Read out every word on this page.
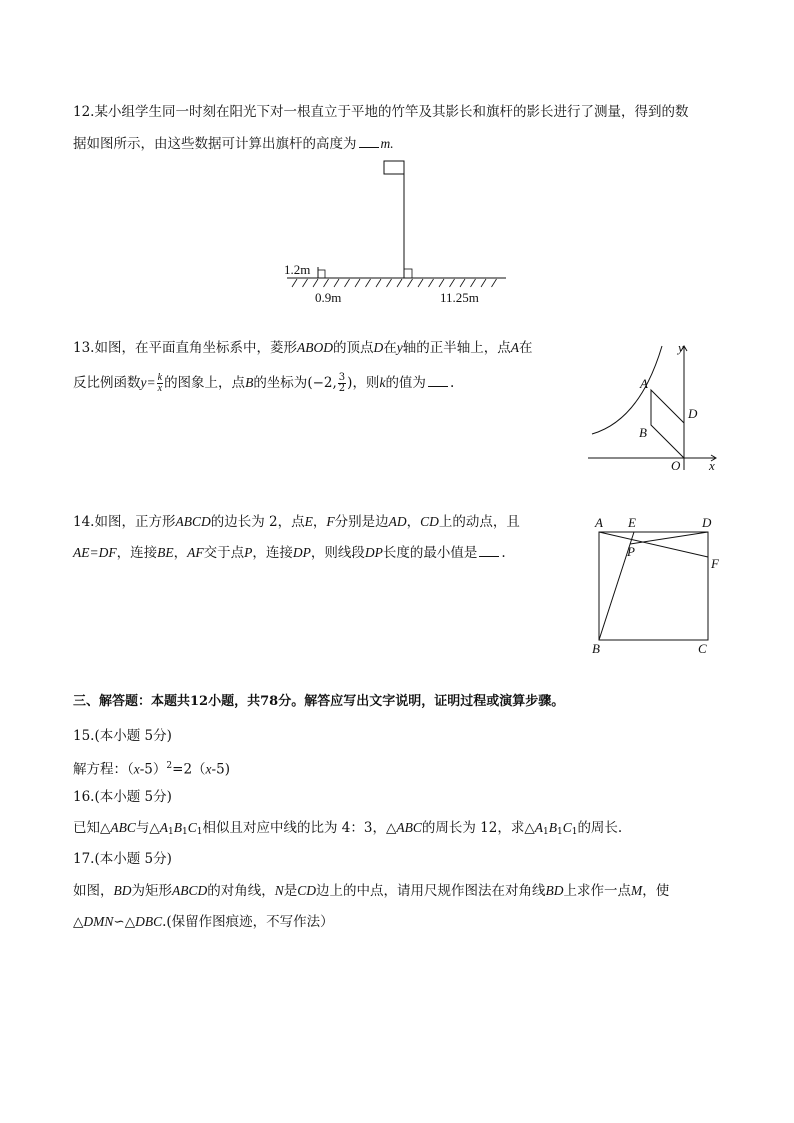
12.某小组学生同一时刻在阳光下对一根直立于平地的竹竿及其影长和旗杆的影长进行了测量，得到的数
据如图所示，由这些数据可计算出旗杆的高度为 m.
1.2m
0.9m	11.25m
13.如图，在平面直角坐标系中，菱形ABOD的顶点D在y轴的正半轴上，点A在
反比例函数$y= \frac{k}{x}$ 的图象上，点B的坐标为(−2, $\frac{3}{2}$ )，则k的值为 .
y
x
A
B
D
O
14.如图，正方形ABCD的边长为 2，点E，F分别是边AD，CD上的动点，且
AE=DF，连接BE，AF交于点P，连接DP，则线段DP长度的最小值是 .
A E	D
P
F
B	C
三、解答题：本题共12小题，共78分。解答应写出文字说明，证明过程或演算步骤。
15.(本小题 5分)
解方程：$(x-5)^2=2(x-5)$
16.(本小题 5分)
已知△ABC与$\triangle A_1B_1C_1$相似且对应中线的比为 4：3，△ABC的周长为 12，求$\triangle A_1B_1C_1$的周长.
17.(本小题 5分)
如图，BD为矩形ABCD的对角线，N是CD边上的中点，请用尺规作图法在对角线BD上求作一点M，使
△DMN∽△DBC.(保留作图痕迹，不写作法）
